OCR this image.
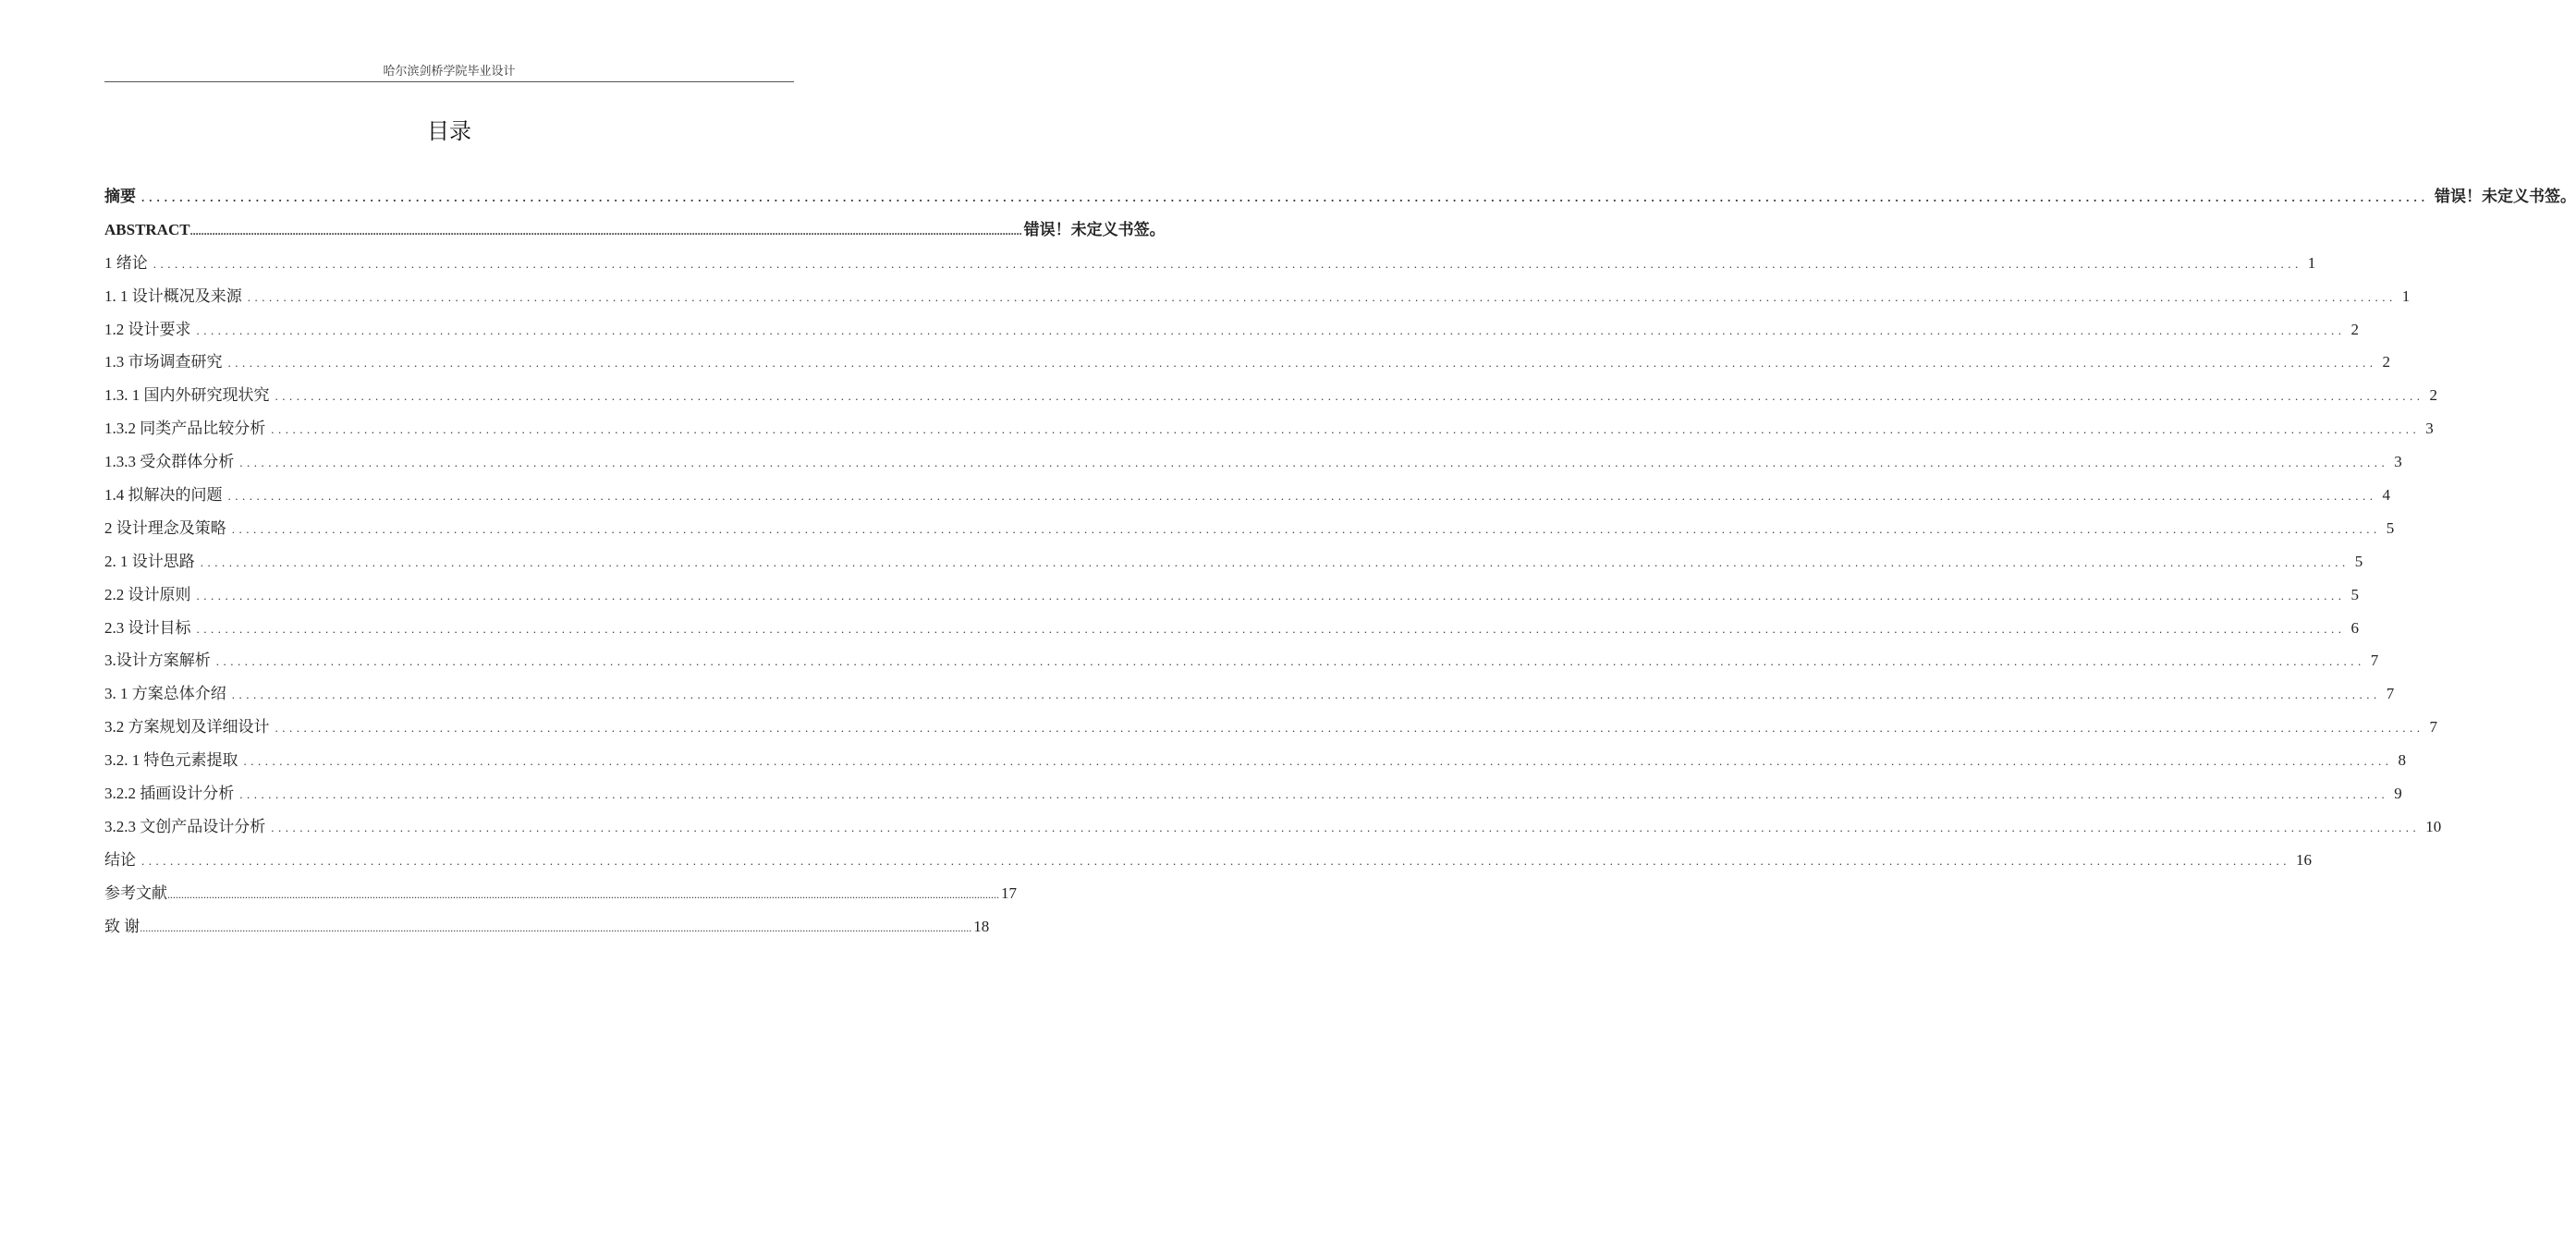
哈尔滨剑桥学院毕业设计
目录
摘要 ............................................................................................................................................................................................................................................................................................................ 错误！未定义书签。
ABSTRACT ............................................................................................................................................................................................................................................................................................................ 错误！未定义书签。
1 绪论 ............................................................................................................................................................................................................................................................................................................ 1
1. 1 设计概况及来源 ............................................................................................................................................................................................................................................................................................................ 1
1.2 设计要求 ............................................................................................................................................................................................................................................................................................................ 2
1.3 市场调查研究 ............................................................................................................................................................................................................................................................................................................ 2
1.3. 1 国内外研究现状究 ............................................................................................................................................................................................................................................................................................................ 2
1.3.2 同类产品比较分析 ............................................................................................................................................................................................................................................................................................................ 3
1.3.3 受众群体分析 ............................................................................................................................................................................................................................................................................................................ 3
1.4 拟解决的问题 ............................................................................................................................................................................................................................................................................................................ 4
2 设计理念及策略 ............................................................................................................................................................................................................................................................................................................ 5
2. 1 设计思路 ............................................................................................................................................................................................................................................................................................................ 5
2.2 设计原则 ............................................................................................................................................................................................................................................................................................................ 5
2.3 设计目标 ............................................................................................................................................................................................................................................................................................................ 6
3.设计方案解析 ............................................................................................................................................................................................................................................................................................................ 7
3. 1 方案总体介绍 ............................................................................................................................................................................................................................................................................................................ 7
3.2 方案规划及详细设计 ............................................................................................................................................................................................................................................................................................................ 7
3.2. 1 特色元素提取 ............................................................................................................................................................................................................................................................................................................ 8
3.2.2 插画设计分析 ............................................................................................................................................................................................................................................................................................................ 9
3.2.3 文创产品设计分析 ............................................................................................................................................................................................................................................................................................................ 10
结论 ............................................................................................................................................................................................................................................................................................................ 16
参考文献 ............................................................................................................................................................................................................................................................................................................ 17
致 谢 ............................................................................................................................................................................................................................................................................................................ 18
